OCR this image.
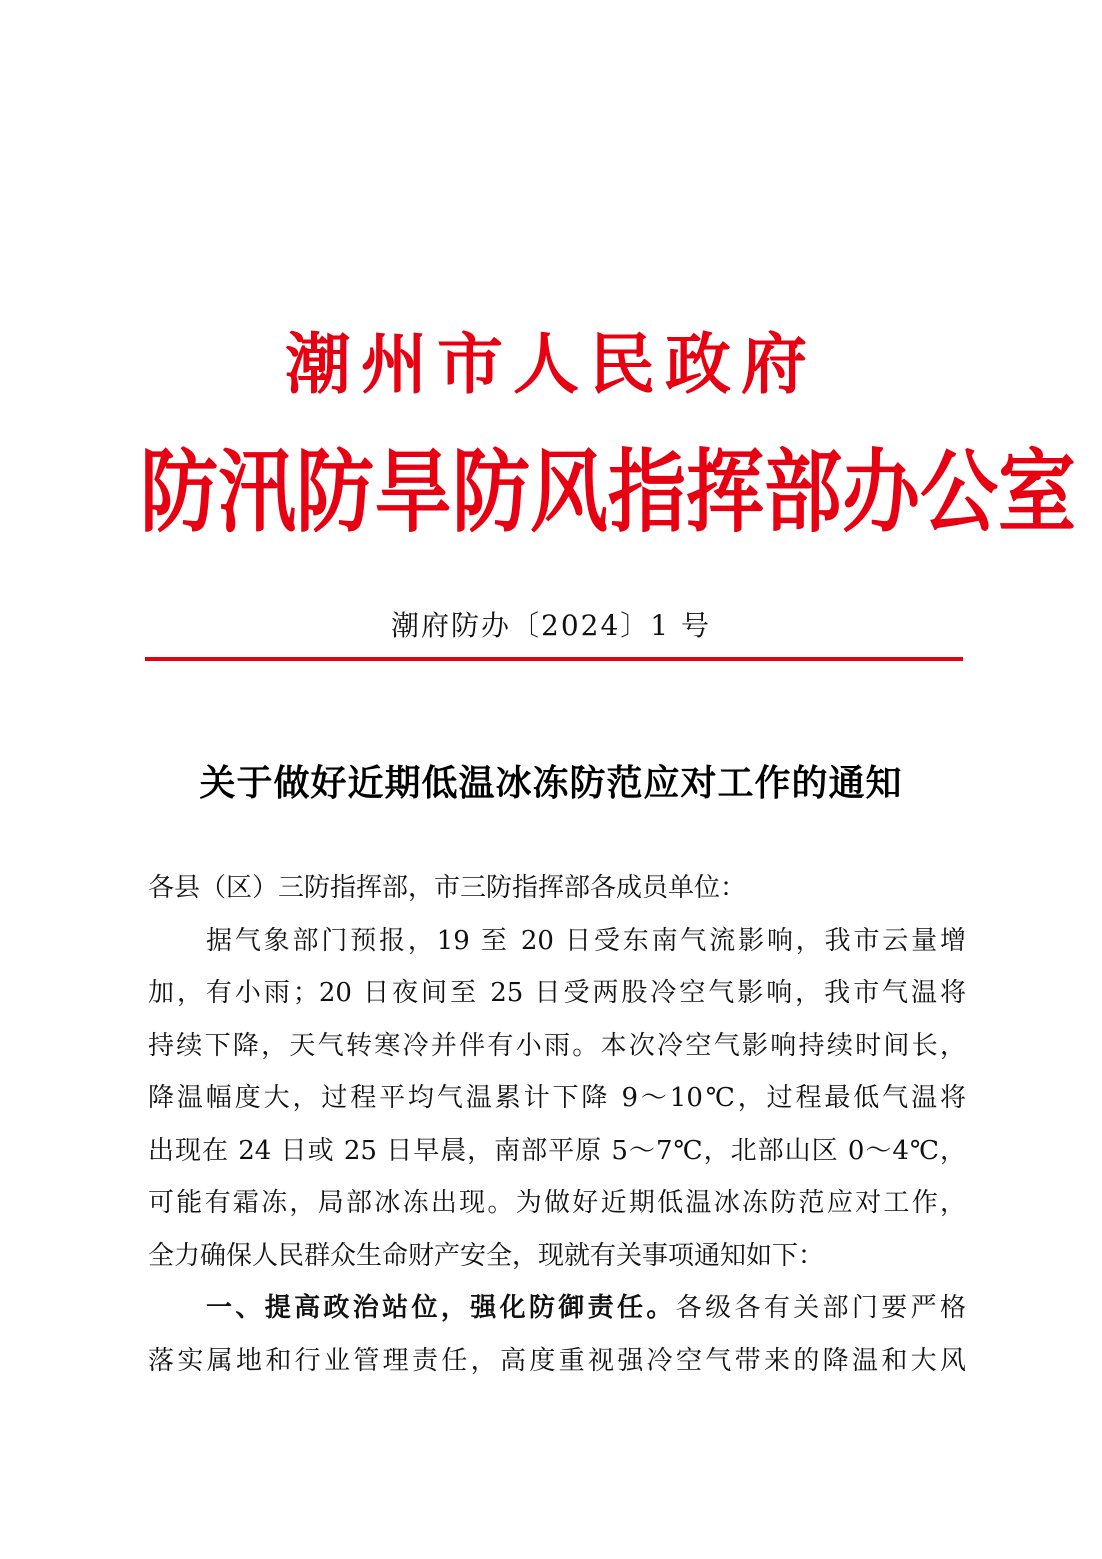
潮州市人民政府
防汛防旱防风指挥部办公室
潮府防办〔2024〕1 号
关于做好近期低温冰冻防范应对工作的通知
各县（区）三防指挥部，市三防指挥部各成员单位：
据气象部门预报，19 至 20 日受东南气流影响，我市云量增
加，有小雨；20 日夜间至 25 日受两股冷空气影响，我市气温将
持续下降，天气转寒冷并伴有小雨。本次冷空气影响持续时间长，
降温幅度大，过程平均气温累计下降 9～10℃，过程最低气温将
出现在 24 日或 25 日早晨，南部平原 5～7℃，北部山区 0～4℃，
可能有霜冻，局部冰冻出现。为做好近期低温冰冻防范应对工作，
全力确保人民群众生命财产安全，现就有关事项通知如下：
一、提高政治站位，强化防御责任。各级各有关部门要严格
落实属地和行业管理责任，高度重视强冷空气带来的降温和大风
